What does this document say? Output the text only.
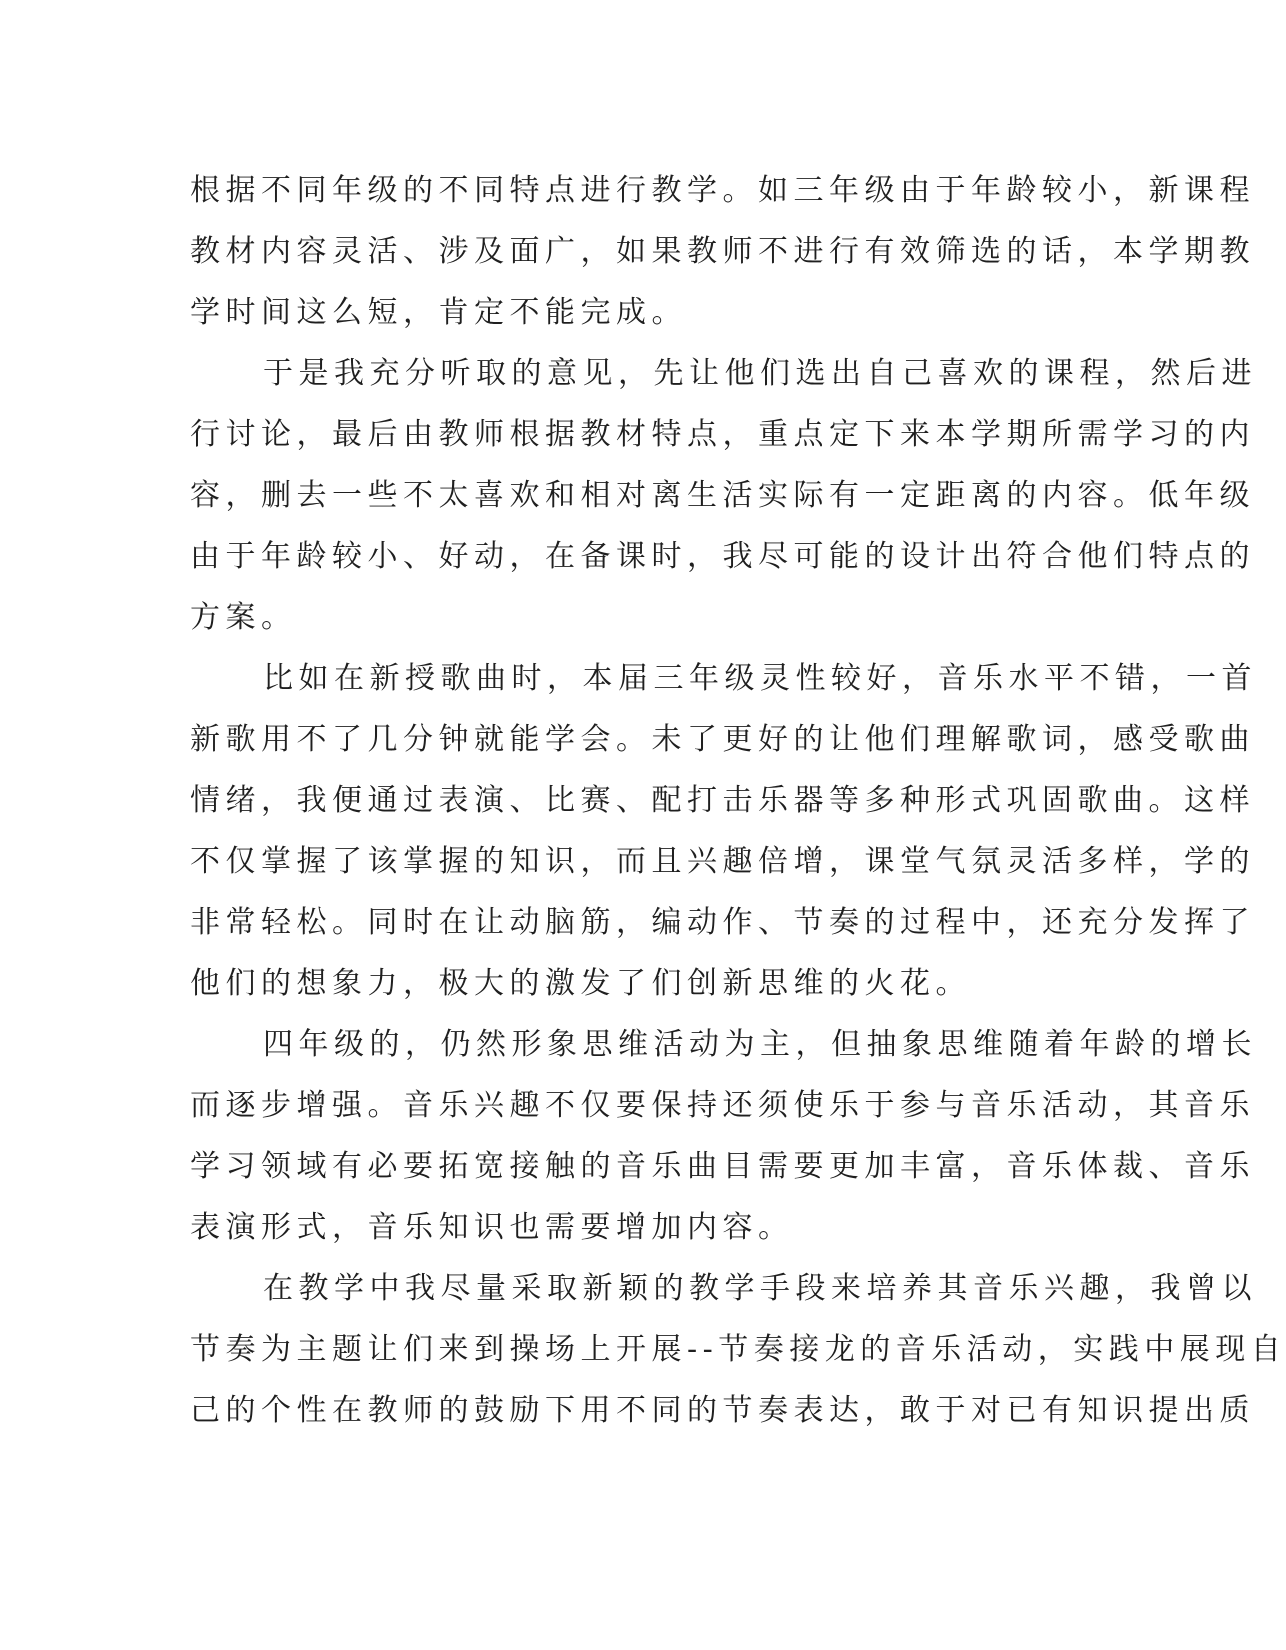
根据不同年级的不同特点进行教学。如三年级由于年龄较小，新课程
教材内容灵活、涉及面广，如果教师不进行有效筛选的话，本学期教
学时间这么短，肯定不能完成。
于是我充分听取的意见，先让他们选出自己喜欢的课程，然后进
行讨论，最后由教师根据教材特点，重点定下来本学期所需学习的内
容，删去一些不太喜欢和相对离生活实际有一定距离的内容。低年级
由于年龄较小、好动，在备课时，我尽可能的设计出符合他们特点的
方案。
比如在新授歌曲时，本届三年级灵性较好，音乐水平不错，一首
新歌用不了几分钟就能学会。未了更好的让他们理解歌词，感受歌曲
情绪，我便通过表演、比赛、配打击乐器等多种形式巩固歌曲。这样
不仅掌握了该掌握的知识，而且兴趣倍增，课堂气氛灵活多样，学的
非常轻松。同时在让动脑筋，编动作、节奏的过程中，还充分发挥了
他们的想象力，极大的激发了们创新思维的火花。
四年级的，仍然形象思维活动为主，但抽象思维随着年龄的增长
而逐步增强。音乐兴趣不仅要保持还须使乐于参与音乐活动，其音乐
学习领域有必要拓宽接触的音乐曲目需要更加丰富，音乐体裁、音乐
表演形式，音乐知识也需要增加内容。
在教学中我尽量采取新颖的教学手段来培养其音乐兴趣，我曾以
节奏为主题让们来到操场上开展--节奏接龙的音乐活动，实践中展现自
己的个性在教师的鼓励下用不同的节奏表达，敢于对已有知识提出质
